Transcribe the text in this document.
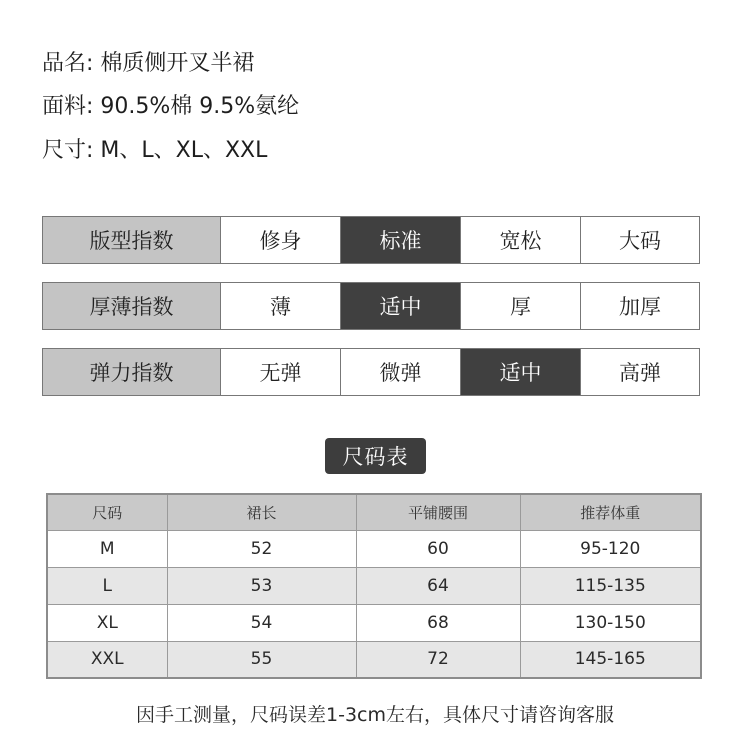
品名: 棉质侧开叉半裙
面料: 90.5%棉 9.5%氨纶
尺寸: M、L、XL、XXL
版型指数	修身	标准	宽松	大码
厚薄指数	薄	适中	厚	加厚
弹力指数	无弹	微弹	适中	高弹
尺码表
尺码	裙长	平铺腰围	推荐体重
M	52	60	95-120
L	53	64	115-135
XL	54	68	130-150
XXL	55	72	145-165
因手工测量，尺码误差1-3cm左右，具体尺寸请咨询客服
